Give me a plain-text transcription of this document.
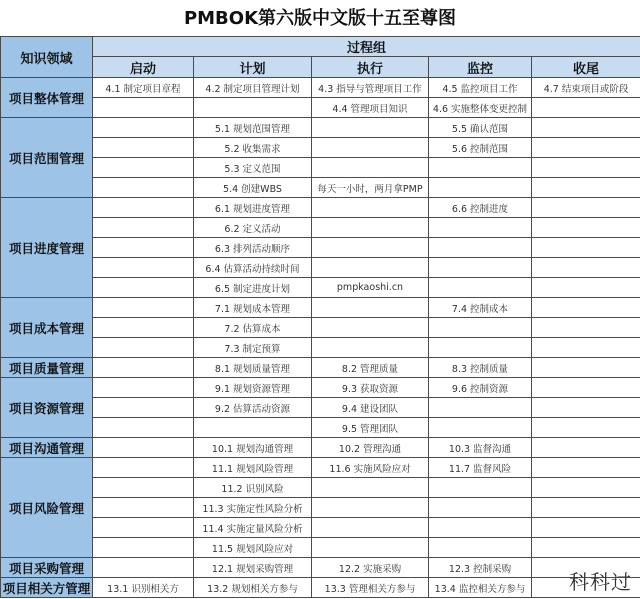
PMBOK第六版中文版十五至尊图
知识领域	过程组				
	启动	计划	执行	监控	收尾
项目整体管理	4.1 制定项目章程	4.2 制定项目管理计划	4.3 指导与管理项目工作	4.5 监控项目工作	4.7 结束项目或阶段
			4.4 管理项目知识	4.6 实施整体变更控制	
项目范围管理		5.1 规划范围管理		5.5 确认范围	
		5.2 收集需求		5.6 控制范围	
		5.3 定义范围			
		5.4 创建WBS	每天一小时，两月拿PMP		
项目进度管理		6.1 规划进度管理		6.6 控制进度	
		6.2 定义活动			
		6.3 排列活动顺序			
		6.4 估算活动持续时间			
		6.5 制定进度计划	pmpkaoshi.cn		
项目成本管理		7.1 规划成本管理		7.4 控制成本	
		7.2 估算成本			
		7.3 制定预算			
项目质量管理		8.1 规划质量管理	8.2 管理质量	8.3 控制质量	
项目资源管理		9.1 规划资源管理	9.3 获取资源	9.6 控制资源	
		9.2 估算活动资源	9.4 建设团队		
			9.5 管理团队		
项目沟通管理		10.1 规划沟通管理	10.2 管理沟通	10.3 监督沟通	
项目风险管理		11.1 规划风险管理	11.6 实施风险应对	11.7 监督风险	
		11.2 识别风险			
		11.3 实施定性风险分析			
		11.4 实施定量风险分析			
		11.5 规划风险应对			
项目采购管理		12.1 规划采购管理	12.2 实施采购	12.3 控制采购	
项目相关方管理	13.1 识别相关方	13.2 规划相关方参与	13.3 管理相关方参与	13.4 监控相关方参与	科科过
